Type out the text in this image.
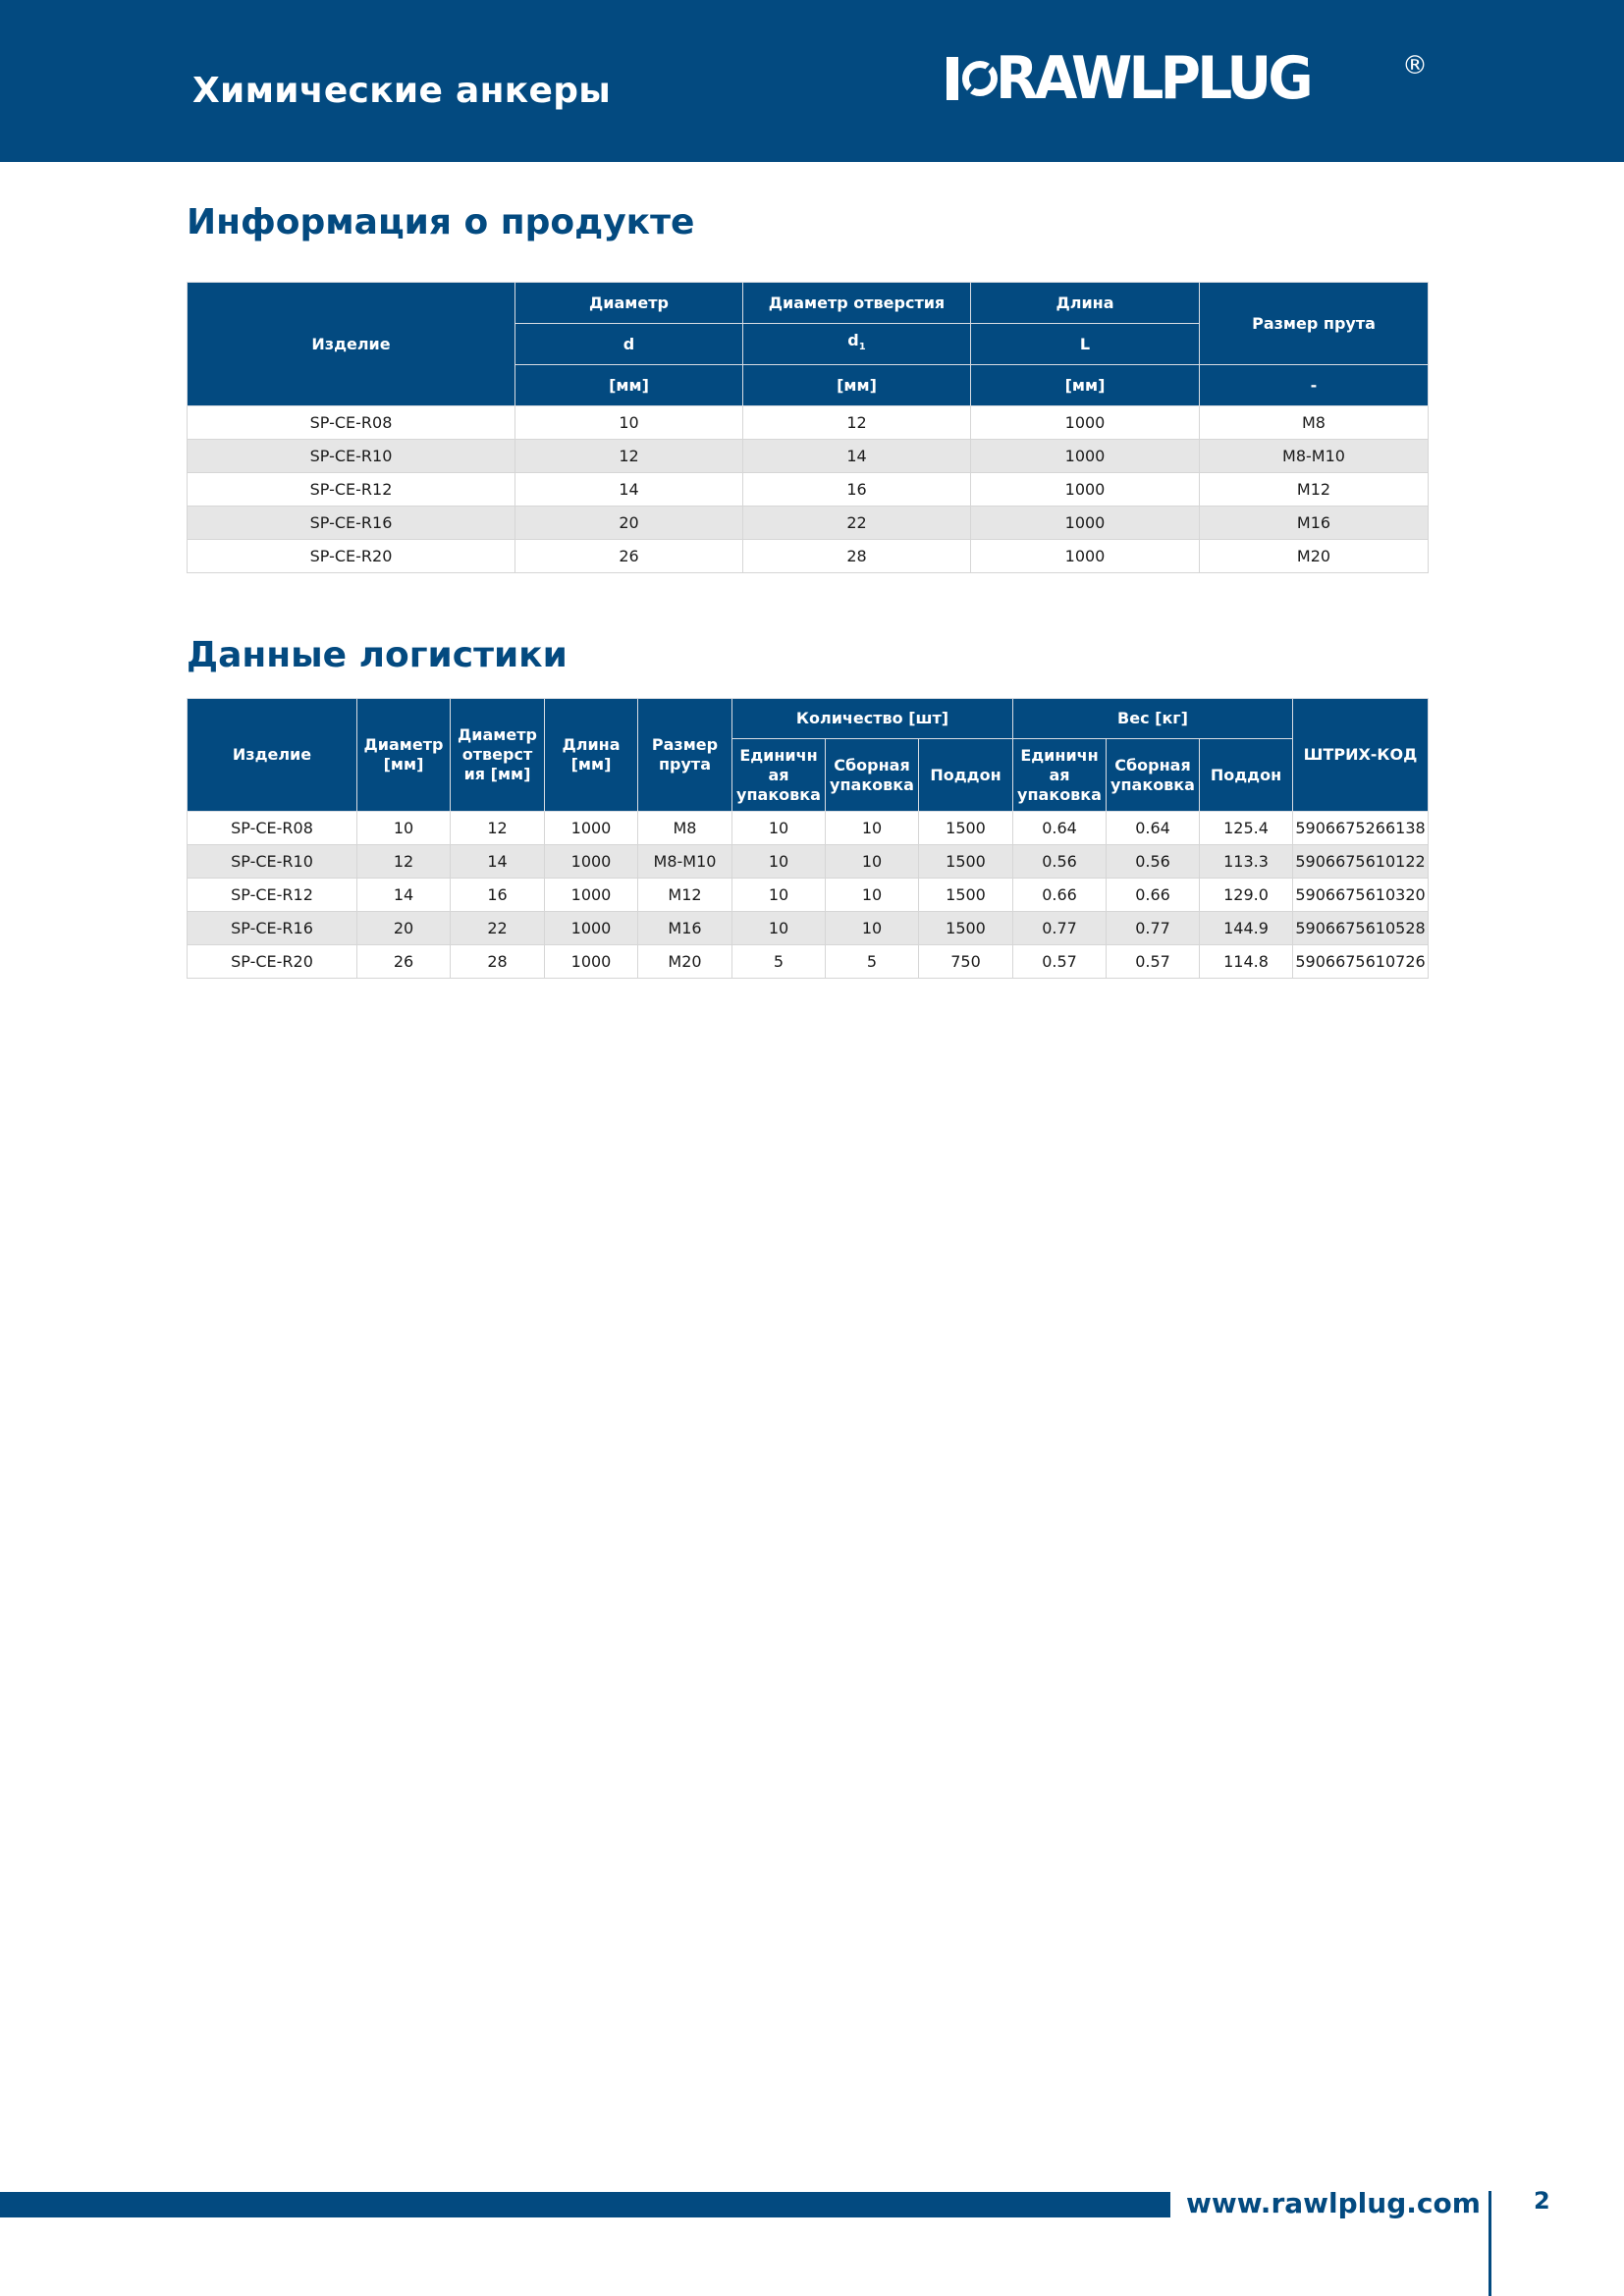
Химические анкеры	RAWLPLUG	®
Информация о продукте
Изделие	Диаметр	Диаметр отверстия	Длина	Размер прута
	d	$d_1$	L	
	[мм]	[мм]	[мм]	-
SP-CE-R08	10	12	1000	M8
SP-CE-R10	12	14	1000	M8-M10
SP-CE-R12	14	16	1000	M12
SP-CE-R16	20	22	1000	M16
SP-CE-R20	26	28	1000	M20
Данные логистики
Изделие	Диаметр [мм]	Диаметр отверст ия [мм]	Длина [мм]	Размер прута	Количество [шт]			Вес [кг]			ШТРИХ-КОД
					Единичн ая упаковка	Сборная упаковка	Поддон	Единичн ая упаковка	Сборная упаковка	Поддон	
SP-CE-R08	10	12	1000	M8	10	10	1500	0.64	0.64	125.4	5906675266138
SP-CE-R10	12	14	1000	M8-M10	10	10	1500	0.56	0.56	113.3	5906675610122
SP-CE-R12	14	16	1000	M12	10	10	1500	0.66	0.66	129.0	5906675610320
SP-CE-R16	20	22	1000	M16	10	10	1500	0.77	0.77	144.9	5906675610528
SP-CE-R20	26	28	1000	M20	5	5	750	0.57	0.57	114.8	5906675610726
www.rawlplug.com 2
